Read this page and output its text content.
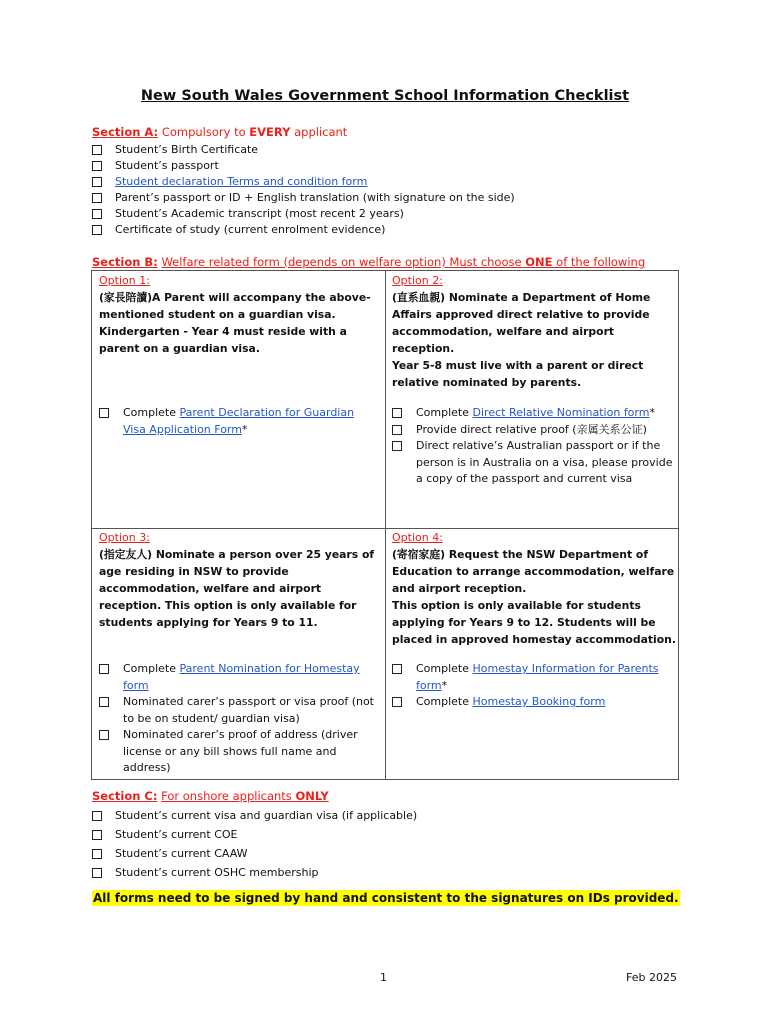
New South Wales Government School Information Checklist
Section A: Compulsory to EVERY applicant
Student’s Birth Certificate
Student’s passport
Student declaration Terms and condition form
Parent’s passport or ID + English translation (with signature on the side)
Student’s Academic transcript (most recent 2 years)
Certificate of study (current enrolment evidence)
Section B: Welfare related form (depends on welfare option) Must choose ONE of the following
Option 1:
(家長陪讀)A Parent will accompany the above-mentioned student on a guardian visa. Kindergarten - Year 4 must reside with a parent on a guardian visa.
Complete Parent Declaration for Guardian Visa Application Form*
Option 2:
(直系血親) Nominate a Department of Home Affairs approved direct relative to provide accommodation, welfare and airport reception.
Year 5-8 must live with a parent or direct relative nominated by parents.
Complete Direct Relative Nomination form*
Provide direct relative proof (亲属关系公证)
Direct relative’s Australian passport or if the person is in Australia on a visa, please provide a copy of the passport and current visa
Option 3:
(指定友人) Nominate a person over 25 years of age residing in NSW to provide accommodation, welfare and airport reception. This option is only available for students applying for Years 9 to 11.
Complete Parent Nomination for Homestay form
Nominated carer’s passport or visa proof (not to be on student/ guardian visa)
Nominated carer’s proof of address (driver license or any bill shows full name and address)
Option 4:
(寄宿家庭) Request the NSW Department of Education to arrange accommodation, welfare and airport reception.
This option is only available for students applying for Years 9 to 12. Students will be placed in approved homestay accommodation.
Complete Homestay Information for Parents form*
Complete Homestay Booking form
Section C: For onshore applicants ONLY
Student’s current visa and guardian visa (if applicable)
Student’s current COE
Student’s current CAAW
Student’s current OSHC membership
All forms need to be signed by hand and consistent to the signatures on IDs provided.
1	Feb 2025
